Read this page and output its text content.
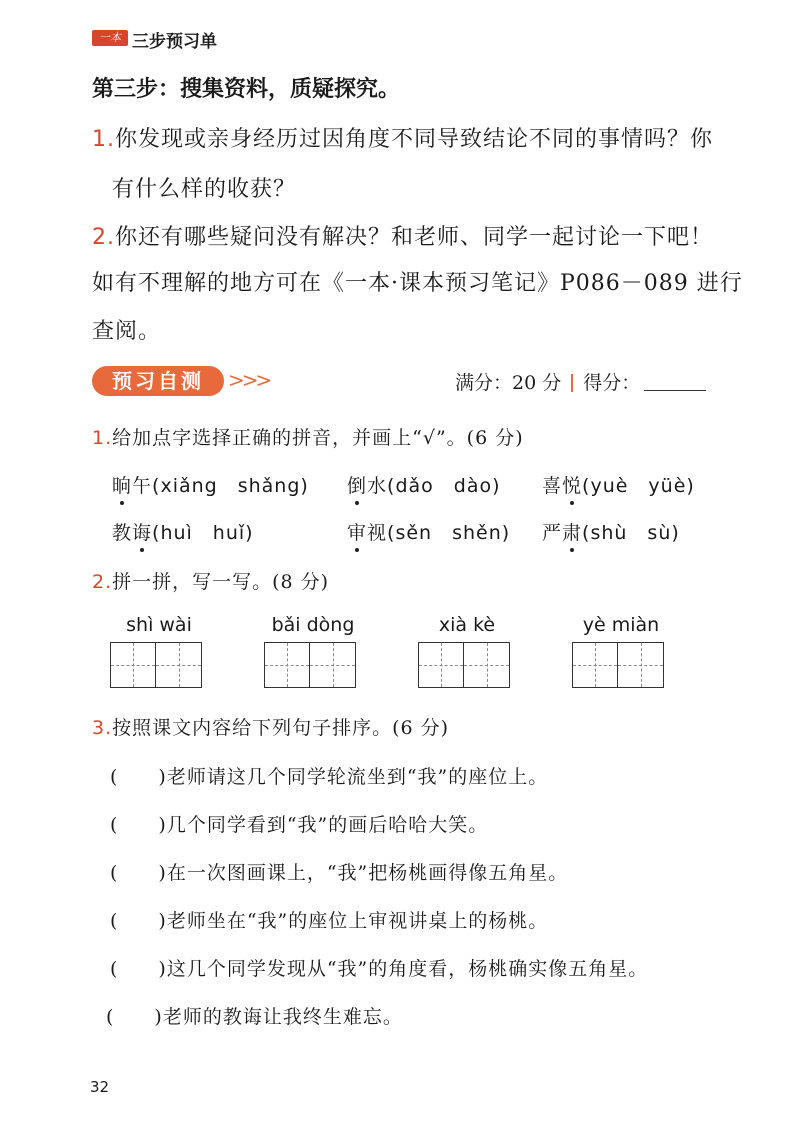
一本 三步预习单
第三步：搜集资料，质疑探究。
1.你发现或亲身经历过因角度不同导致结论不同的事情吗？你
有什么样的收获？
2.你还有哪些疑问没有解决？和老师、同学一起讨论一下吧！
如有不理解的地方可在《一本·课本预习笔记》P086－089 进行
查阅。
预习自测	>>>	满分：20 分 得分：
1.给加点字选择正确的拼音，并画上“√”。(6 分)
晌午(xiǎng　shǎng) 倒水(dǎo　dào) 喜悦(yuè　yüè)
教诲(huì　huǐ)	审视(sěn　shěn) 严肃(shù　sù)
2.拼一拼，写一写。(8 分)
shì wài	bǎi dòng	xià kè	yè miàn
3.按照课文内容给下列句子排序。(6 分)
(　　)老师请这几个同学轮流坐到“我”的座位上。
(　　)几个同学看到“我”的画后哈哈大笑。
(　　)在一次图画课上，“我”把杨桃画得像五角星。
(　　)老师坐在“我”的座位上审视讲桌上的杨桃。
(　　)这几个同学发现从“我”的角度看，杨桃确实像五角星。
(　　)老师的教诲让我终生难忘。
32
